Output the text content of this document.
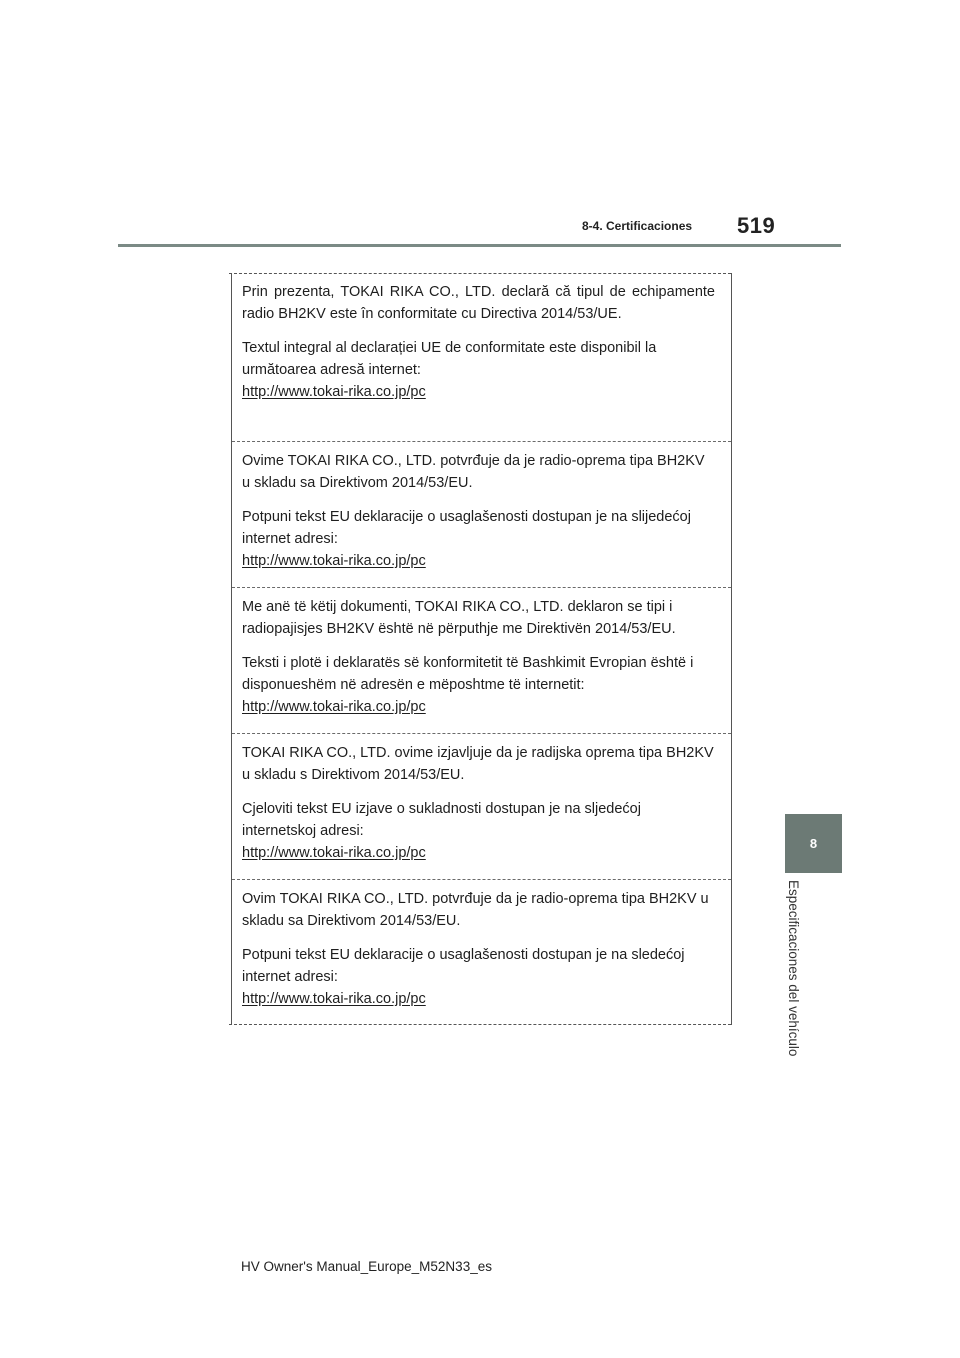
8-4. Certificaciones 519
8
Especificaciones del vehículo

Prin prezenta, TOKAI RIKA CO., LTD. declară că tipul de echipamente radio BH2KV este în conformitate cu Directiva 2014/53/UE.

Textul integral al declarației UE de conformitate este disponibil la următoarea adresă internet:

http://www.tokai-rika.co.jp/pc

Ovime TOKAI RIKA CO., LTD. potvrđuje da je radio-oprema tipa BH2KV u skladu sa Direktivom 2014/53/EU.

Potpuni tekst EU deklaracije o usaglašenosti dostupan je na slijedećoj internet adresi:

http://www.tokai-rika.co.jp/pc

Me anë të këtij dokumenti, TOKAI RIKA CO., LTD. deklaron se tipi i radiopajisjes BH2KV është në përputhje me Direktivën 2014/53/EU.

Teksti i plotë i deklaratës së konformitetit të Bashkimit Evropian është i disponueshëm në adresën e mëposhtme të internetit:

http://www.tokai-rika.co.jp/pc

TOKAI RIKA CO., LTD. ovime izjavljuje da je radijska oprema tipa BH2KV u skladu s Direktivom 2014/53/EU.

Cjeloviti tekst EU izjave o sukladnosti dostupan je na sljedećoj internetskoj adresi:

http://www.tokai-rika.co.jp/pc

Ovim TOKAI RIKA CO., LTD. potvrđuje da je radio-oprema tipa BH2KV u skladu sa Direktivom 2014/53/EU.

Potpuni tekst EU deklaracije o usaglašenosti dostupan je na sledećoj internet adresi:

http://www.tokai-rika.co.jp/pc
HV Owner's Manual_Europe_M52N33_es
